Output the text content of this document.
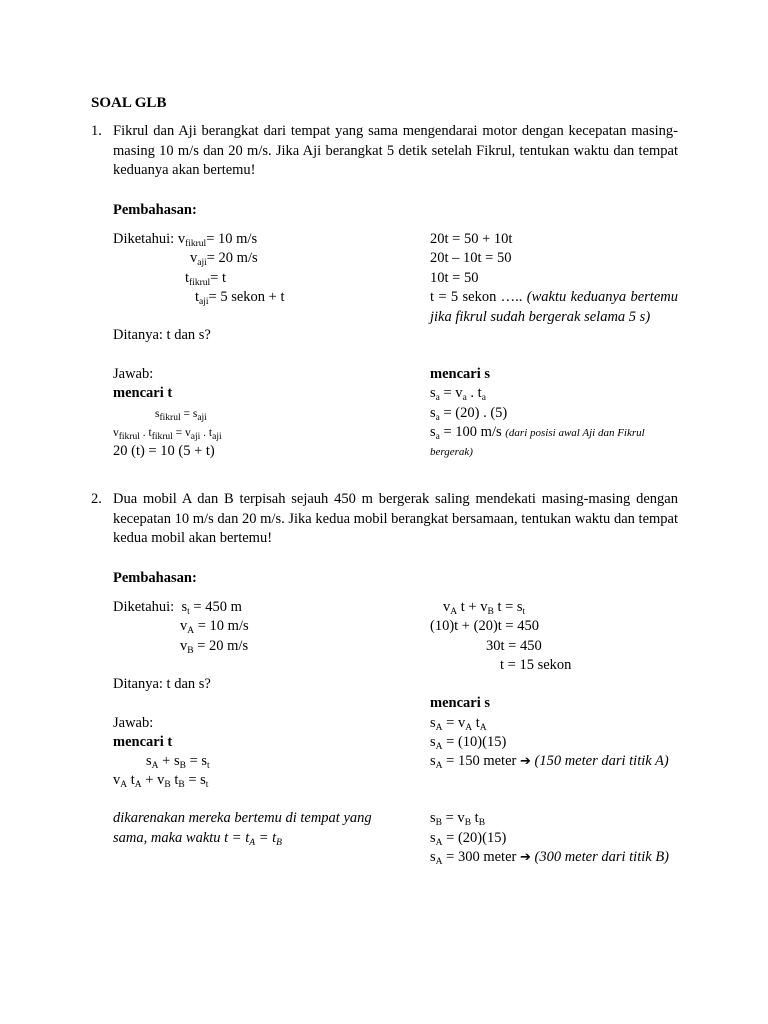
SOAL GLB
1. Fikrul dan Aji berangkat dari tempat yang sama mengendarai motor dengan kecepatan masing-masing 10 m/s dan 20 m/s. Jika Aji berangkat 5 detik setelah Fikrul, tentukan waktu dan tempat keduanya akan bertemu!
Pembahasan:
Diketahui: $v_{fikrul}= 10$ m/s
$v_{aji}= 20$ m/s
$t_{fikrul}= t$
$t_{aji}= 5$ sekon + t
Ditanya: t dan s?
Jawab:
mencari t
$s_{fikrul} = s_{aji}$
$v_{fikrul}$ . $t_{fikrul} = v_{aji}$ . $t_{aji}$
20 (t) = 10 (5 + t)
20t = 50 + 10t
20t – 10t = 50
10t = 50
t = 5 sekon ….. (waktu keduanya bertemu jika fikrul sudah bergerak selama 5 s)
mencari s
$s_a = v_a$ . $t_a$
$s_a = (20)$ . (5)
$s_a = 100$ m/s (dari posisi awal Aji dan Fikrul bergerak)
2. Dua mobil A dan B terpisah sejauh 450 m bergerak saling mendekati masing-masing dengan kecepatan 10 m/s dan 20 m/s. Jika kedua mobil berangkat bersamaan, tentukan waktu dan tempat kedua mobil akan bertemu!
Pembahasan:
Diketahui: $s_t = 450$ m
$v_A = 10$ m/s
$v_B = 20$ m/s
Ditanya: t dan s?
Jawab:
mencari t
$s_A + s_B = s_t$
$v_A$ $t_A + v_B$ $t_B = s_t$
dikarenakan mereka bertemu di tempat yang sama, maka waktu $t = t_A = t_B$
$v_A$ $t + v_B$ $t = s_t$
(10)t + (20)t = 450
30t = 450
t = 15 sekon
mencari s
$s_A = v_A$ $t_A$
$s_A = (10)(15)$
$s_A = 150$ meter ➔ (150 meter dari titik A)
$s_B = v_B$ $t_B$
$s_A = (20)(15)$
$s_A = 300$ meter ➔ (300 meter dari titik B)
